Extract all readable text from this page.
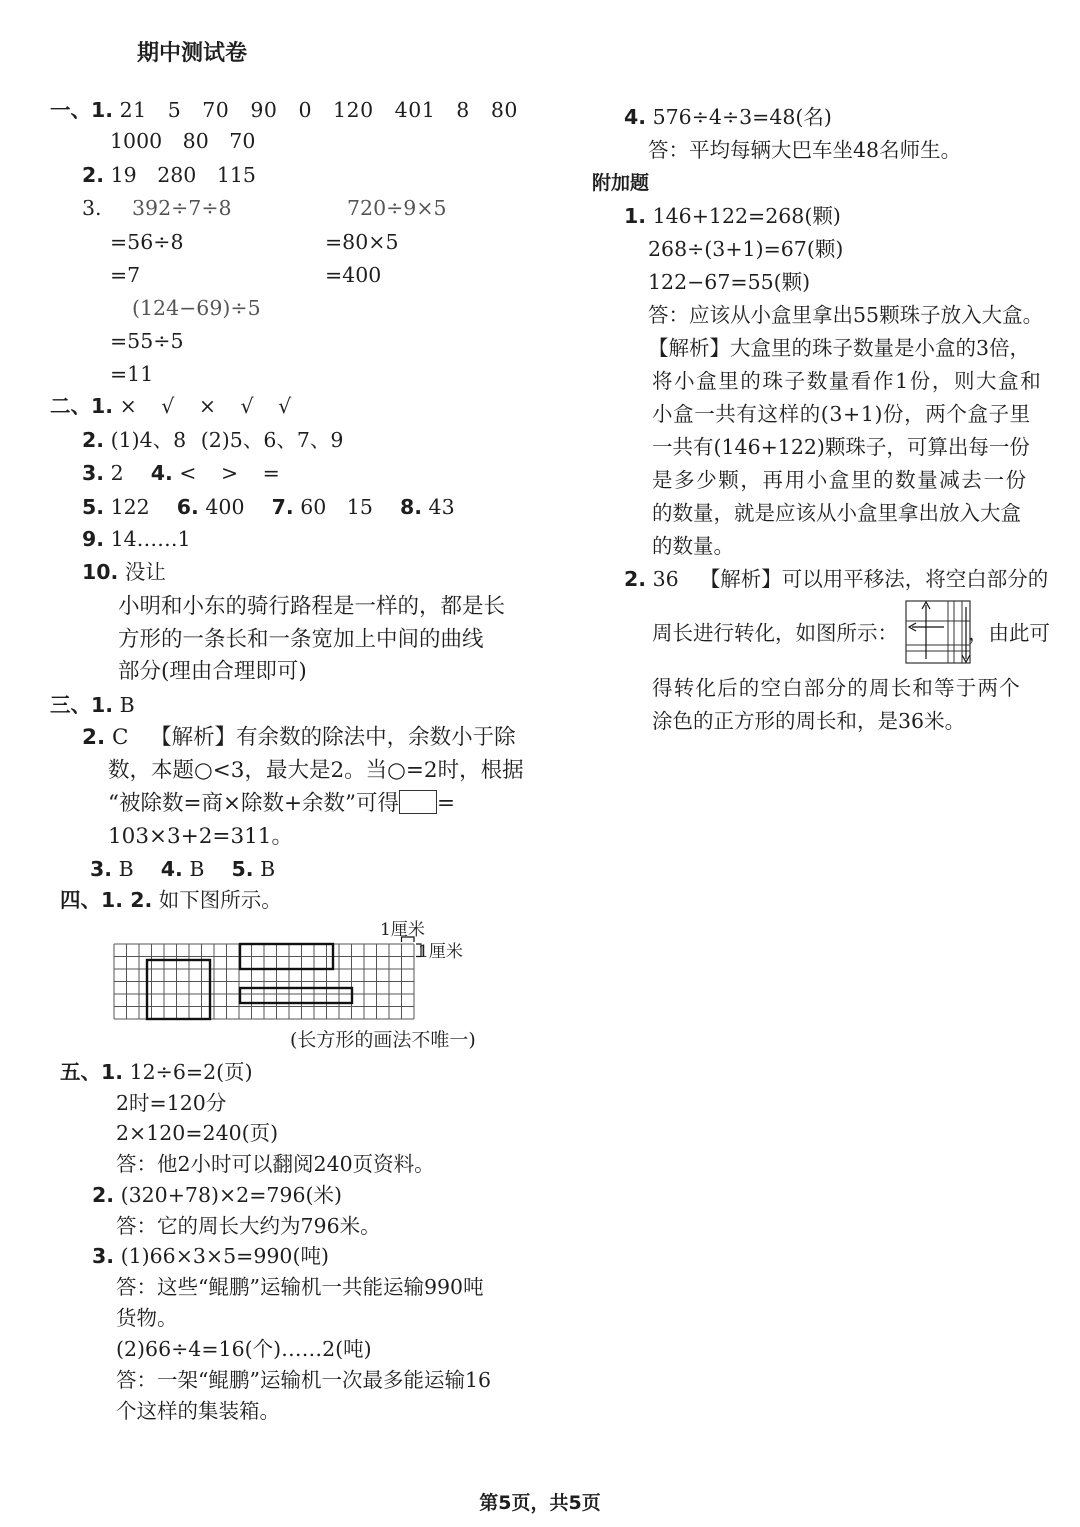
期中测试卷
一、1. 21 5 70 90 0 120 401 8 80
1000 80 70
2. 19 280 115
3. 392÷7÷8
=56÷8
=7
720÷9×5
=80×5
=400
(124−69)÷5
=55÷5
=11
二、1. × √ × √ √
2. (1)4、8 (2)5、6、7、9
3. 2 4. < > =
5. 122 6. 400 7. 60 15 8. 43
9. 14……1
10. 没让
小明和小东的骑行路程是一样的，都是长
方形的一条长和一条宽加上中间的曲线
部分(理由合理即可)
三、1. B
2. C 【解析】有余数的除法中，余数小于除
数，本题○<3，最大是2。当○=2时，根据
“被除数=商×除数+余数”可得 =
103×3+2=311。
3. B 4. B 5. B
四、1. 2. 如下图所示。
1厘米
1厘米
(长方形的画法不唯一)
五、1. 12÷6=2(页)
2时=120分
2×120=240(页)
答：他2小时可以翻阅240页资料。
2. (320+78)×2=796(米)
答：它的周长大约为796米。
3. (1)66×3×5=990(吨)
答：这些“鲲鹏”运输机一共能运输990吨
货物。
(2)66÷4=16(个)……2(吨)
答：一架“鲲鹏”运输机一次最多能运输16
个这样的集装箱。
4. 576÷4÷3=48(名)
答：平均每辆大巴车坐48名师生。
附加题
1. 146+122=268(颗)
268÷(3+1)=67(颗)
122−67=55(颗)
答：应该从小盒里拿出55颗珠子放入大盒。
【解析】大盒里的珠子数量是小盒的3倍，
将小盒里的珠子数量看作1份，则大盒和
小盒一共有这样的(3+1)份，两个盒子里
一共有(146+122)颗珠子，可算出每一份
是多少颗，再用小盒里的数量减去一份
的数量，就是应该从小盒里拿出放入大盒
的数量。
2. 36 【解析】可以用平移法，将空白部分的
周长进行转化，如图所示：	，由此可
得转化后的空白部分的周长和等于两个
涂色的正方形的周长和，是36米。
第5页，共5页
